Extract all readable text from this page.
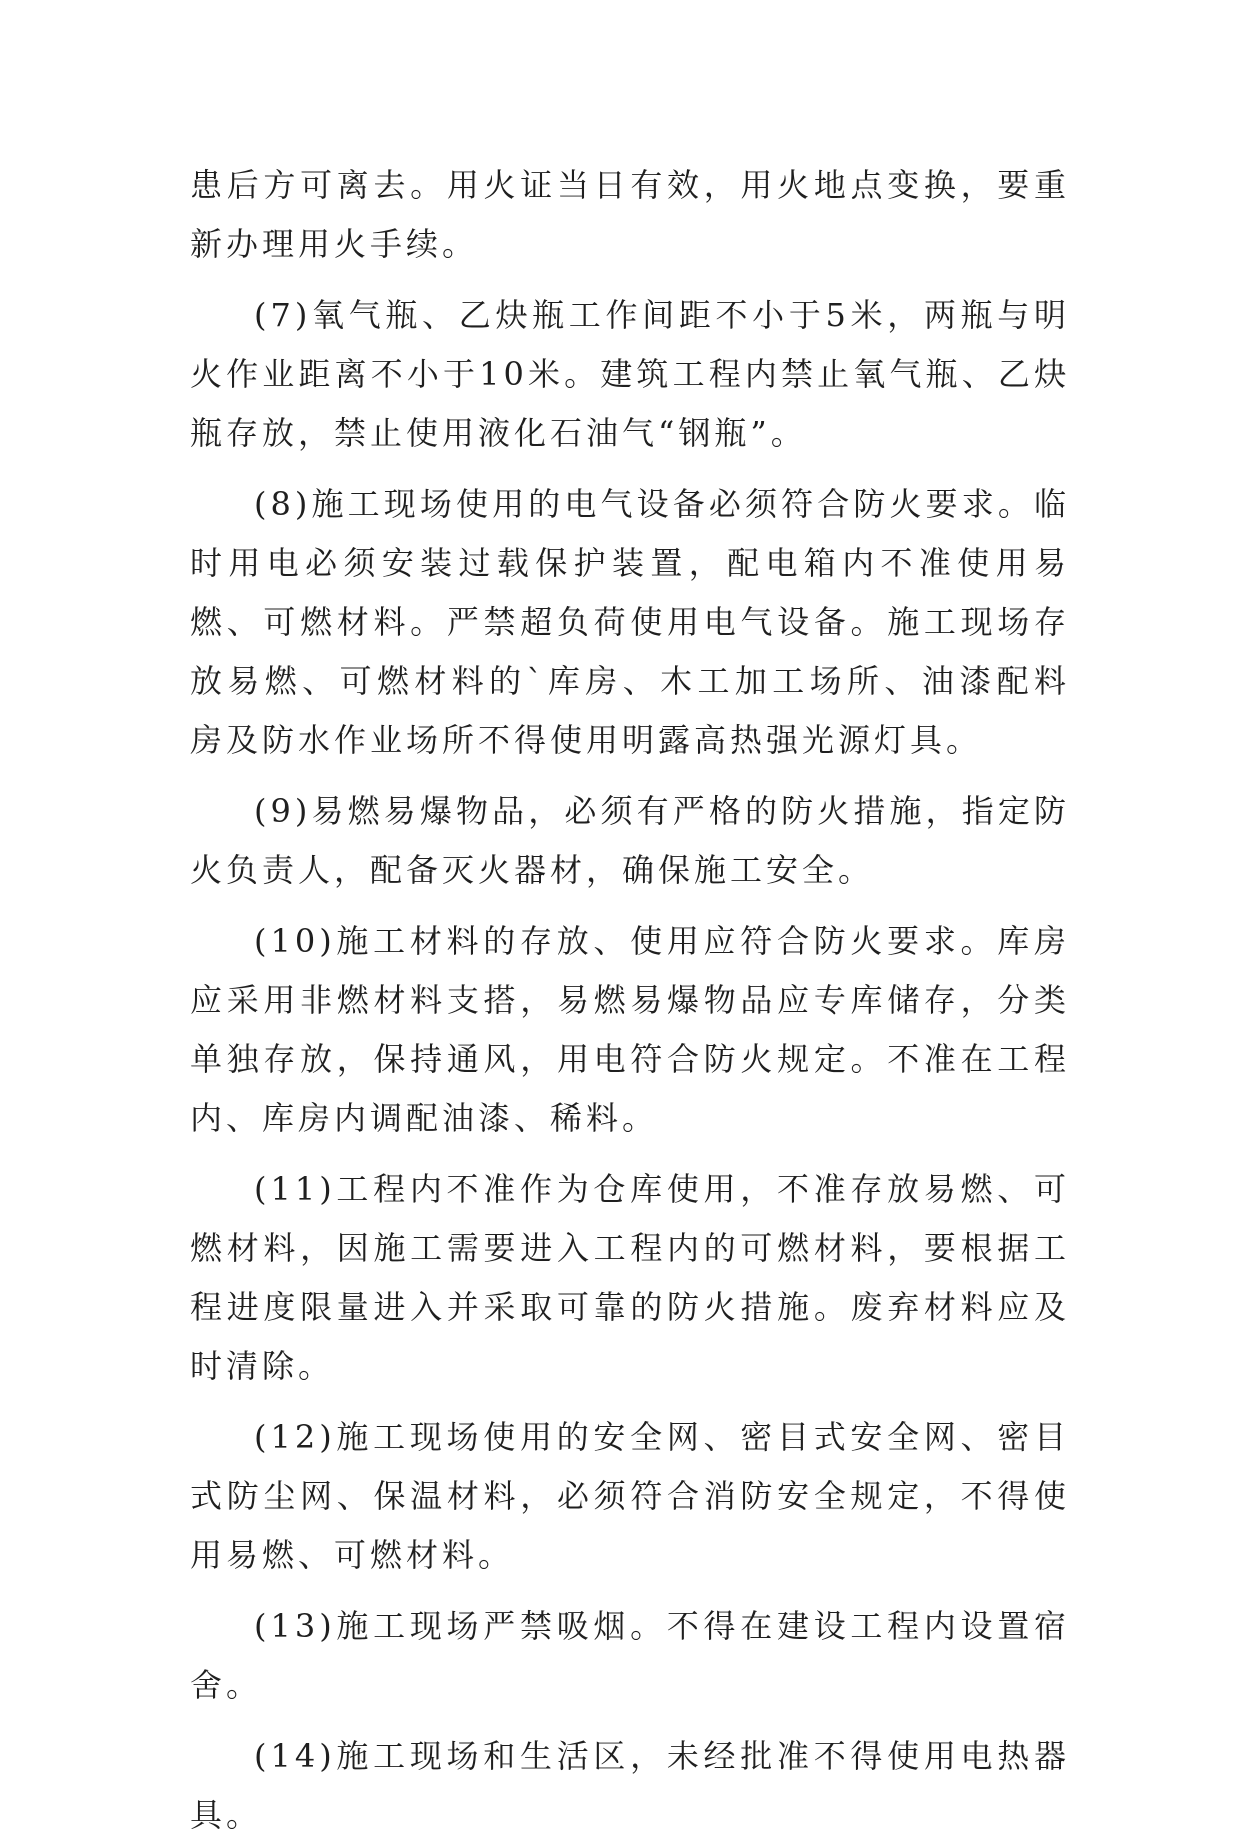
患后方可离去。用火证当日有效，用火地点变换，要重新办理用火手续。

(7)氧气瓶、乙炔瓶工作间距不小于5米，两瓶与明火作业距离不小于10米。建筑工程内禁止氧气瓶、乙炔瓶存放，禁止使用液化石油气“钢瓶”。

(8)施工现场使用的电气设备必须符合防火要求。临时用电必须安装过载保护装置，配电箱内不准使用易燃、可燃材料。严禁超负荷使用电气设备。施工现场存放易燃、可燃材料的`库房、木工加工场所、油漆配料房及防水作业场所不得使用明露高热强光源灯具。

(9)易燃易爆物品，必须有严格的防火措施，指定防火负责人，配备灭火器材，确保施工安全。

(10)施工材料的存放、使用应符合防火要求。库房应采用非燃材料支搭，易燃易爆物品应专库储存，分类单独存放，保持通风，用电符合防火规定。不准在工程内、库房内调配油漆、稀料。

(11)工程内不准作为仓库使用，不准存放易燃、可燃材料，因施工需要进入工程内的可燃材料，要根据工程进度限量进入并采取可靠的防火措施。废弃材料应及时清除。

(12)施工现场使用的安全网、密目式安全网、密目式防尘网、保温材料，必须符合消防安全规定，不得使用易燃、可燃材料。

(13)施工现场严禁吸烟。不得在建设工程内设置宿舍。

(14)施工现场和生活区，未经批准不得使用电热器具。
